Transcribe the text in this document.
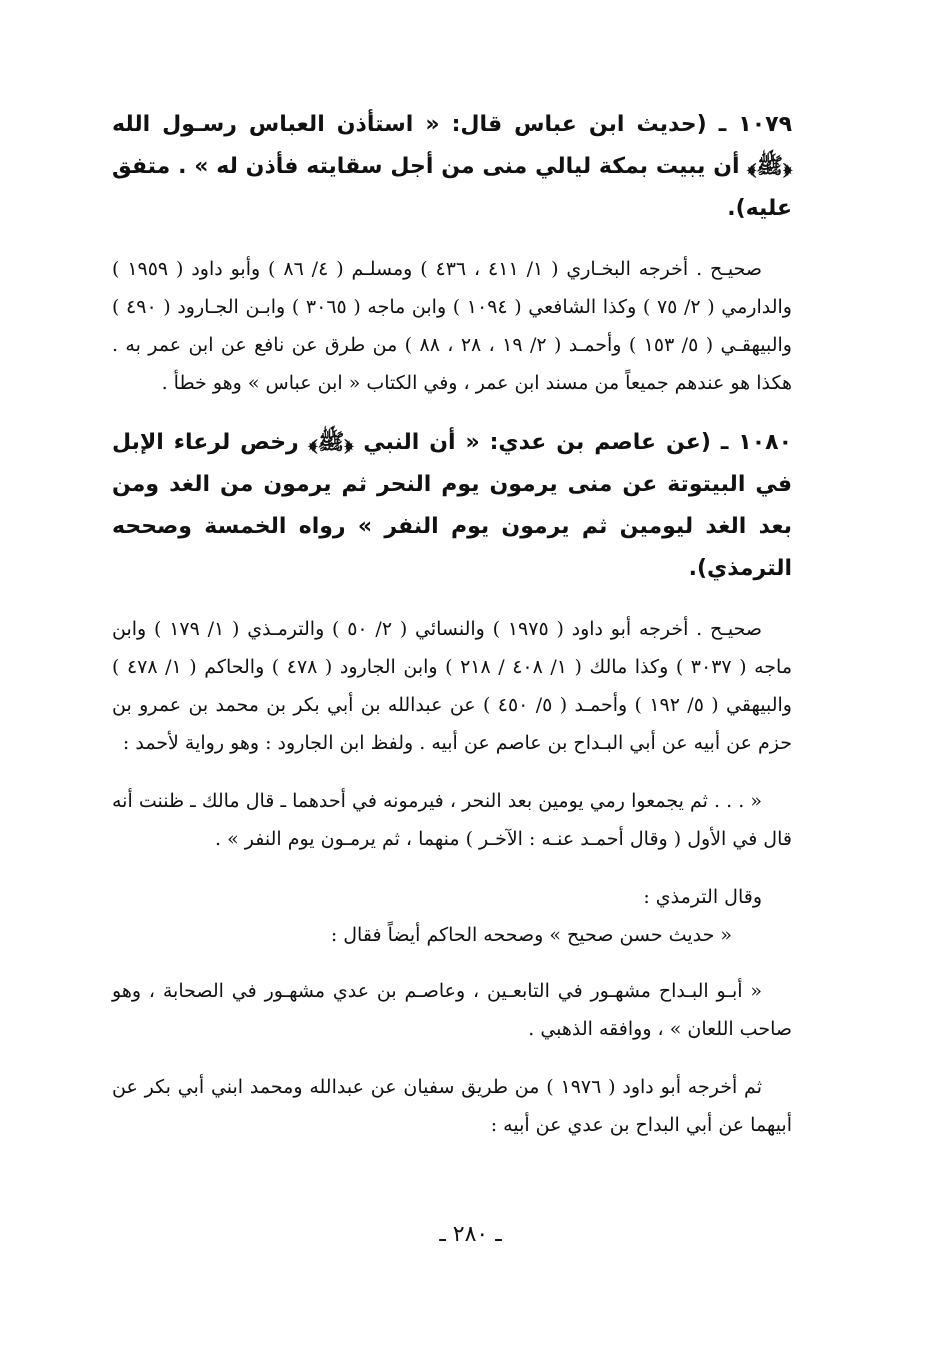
١٠٧٩ ـ (حديث ابن عباس قال: « استأذن العباس رسـول الله ﴿ﷺ﴾ أن يبيت بمكة ليالي منى من أجل سقايته فأذن له » . متفق عليه).

صحيـح . أخرجه البخـاري ( ١/ ٤١١ ، ٤٣٦ ) ومسلـم ( ٤/ ٨٦ ) وأبو داود ( ١٩٥٩ ) والدارمي ( ٢/ ٧٥ ) وكذا الشافعي ( ١٠٩٤ ) وابن ماجه ( ٣٠٦٥ ) وابـن الجـارود ( ٤٩٠ ) والبيهقـي ( ٥/ ١٥٣ ) وأحمـد ( ٢/ ١٩ ، ٢٨ ، ٨٨ ) من طرق عن نافع عن ابن عمر به . هكذا هو عندهم جميعاً من مسند ابن عمر ، وفي الكتاب « ابن عباس » وهو خطأ .

١٠٨٠ ـ (عن عاصم بن عدي: « أن النبي ﴿ﷺ﴾ رخص لرعاء الإبل في البيتوتة عن منى يرمون يوم النحر ثم يرمون من الغد ومن بعد الغد ليومين ثم يرمون يوم النفر » رواه الخمسة وصححه الترمذي).

صحيـح . أخرجه أبو داود ( ١٩٧٥ ) والنسائي ( ٢/ ٥٠ ) والترمـذي ( ١/ ١٧٩ ) وابن ماجه ( ٣٠٣٧ ) وكذا مالك ( ١/ ٤٠٨ / ٢١٨ ) وابن الجارود ( ٤٧٨ ) والحاكم ( ١/ ٤٧٨ ) والبيهقي ( ٥/ ١٩٢ ) وأحمـد ( ٥/ ٤٥٠ ) عن عبدالله بن أبي بكر بن محمد بن عمرو بن حزم عن أبيه عن أبي البـداح بن عاصم عن أبيه . ولفظ ابن الجارود : وهو رواية لأحمد :

« . . . ثم يجمعوا رمي يومين بعد النحر ، فيرمونه في أحدهما ـ قال مالك ـ ظننت أنه قال في الأول ( وقال أحمـد عنـه : الآخـر ) منهما ، ثم يرمـون يوم النفر » .

وقال الترمذي :

« حديث حسن صحيح » وصححه الحاكم أيضاً فقال :

« أبـو البـداح مشهـور في التابعـين ، وعاصـم بن عدي مشهـور في الصحابة ، وهو صاحب اللعان » ، ووافقه الذهبي .

ثم أخرجه أبو داود ( ١٩٧٦ ) من طريق سفيان عن عبدالله ومحمد ابني أبي بكر عن أبيهما عن أبي البداح بن عدي عن أبيه :

ـ ٢٨٠ ـ
